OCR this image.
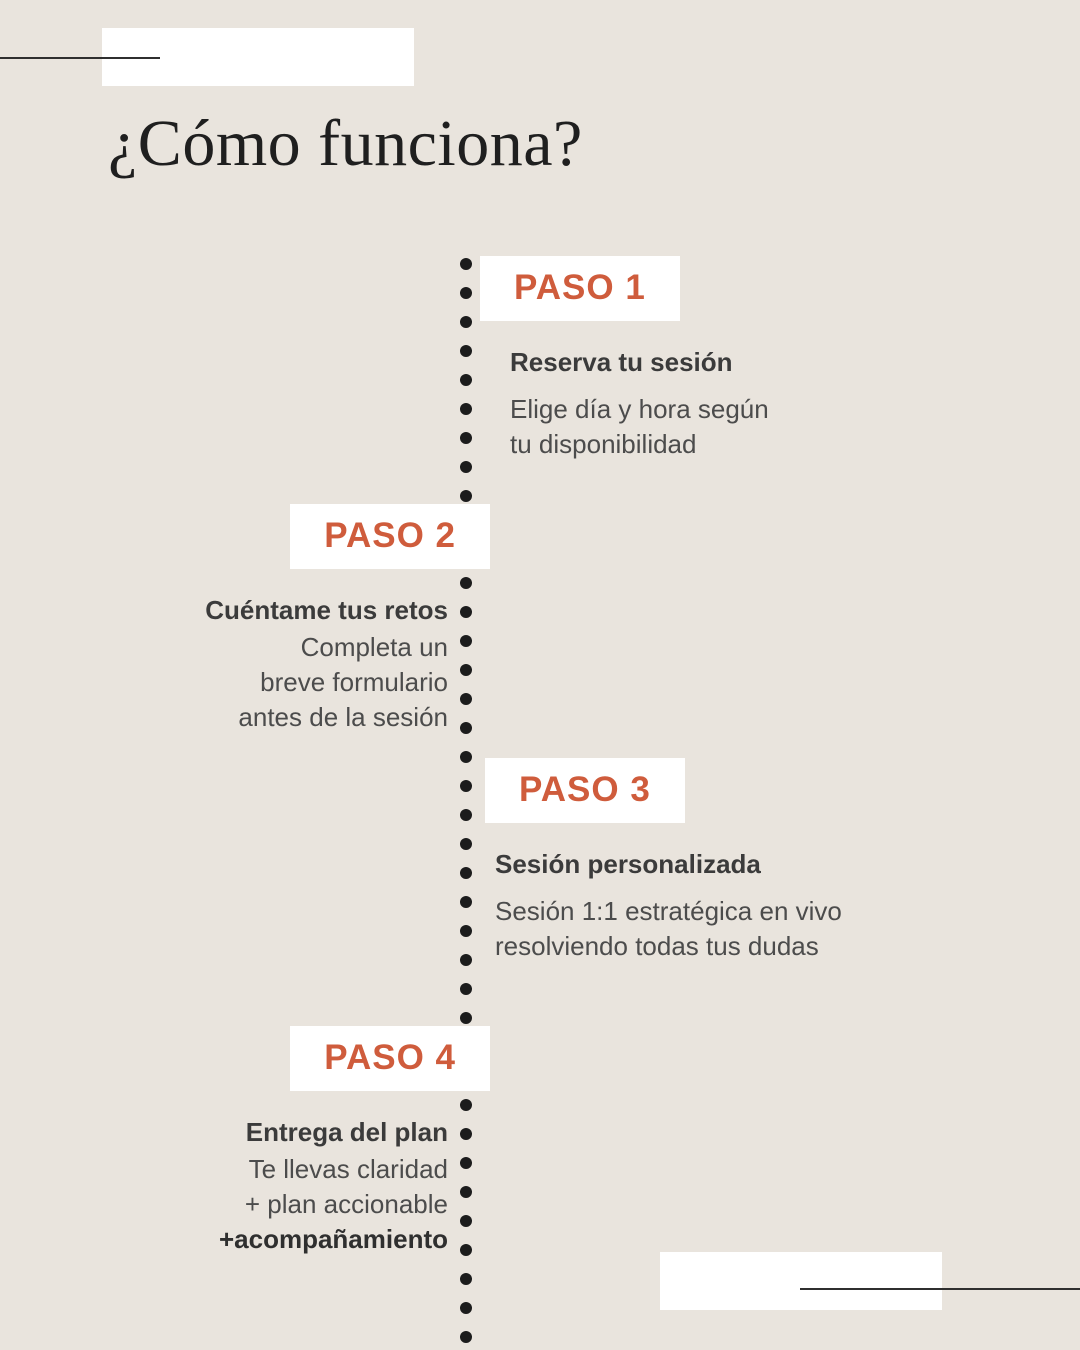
¿Cómo funciona?
PASO 1
Reserva tu sesión
Elige día y hora según
tu disponibilidad
PASO 2
Cuéntame tus retos
Completa un
breve formulario
antes de la sesión
PASO 3
Sesión personalizada
Sesión 1:1 estratégica en vivo
resolviendo todas tus dudas
PASO 4
Entrega del plan
Te llevas claridad
+ plan accionable
+acompañamiento
